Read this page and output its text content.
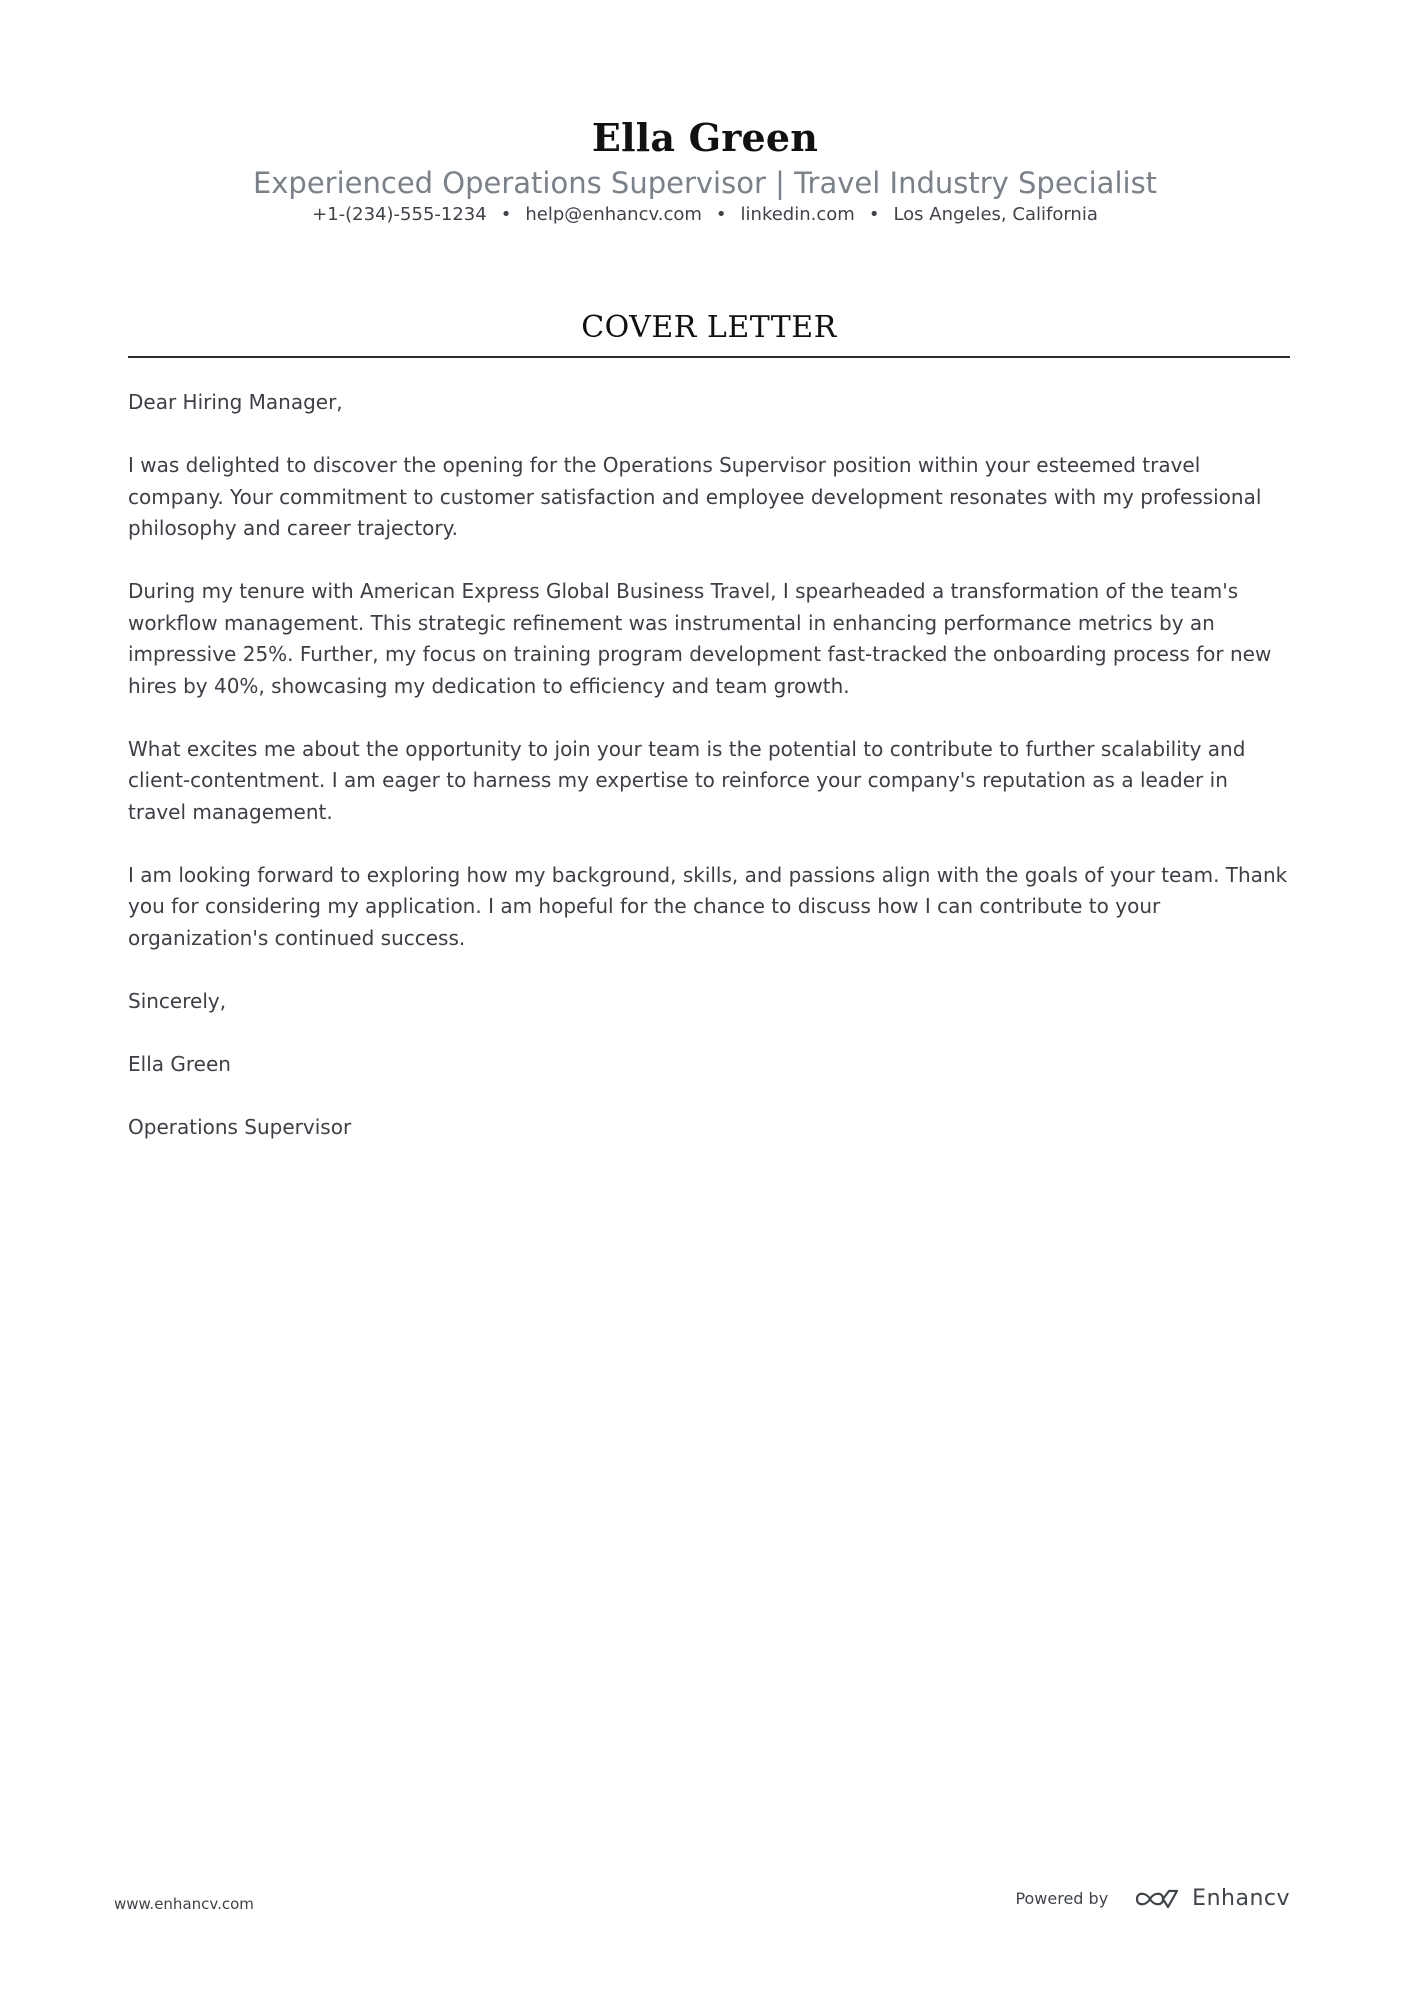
Ella Green
Experienced Operations Supervisor | Travel Industry Specialist
+1-(234)-555-1234 • help@enhancv.com • linkedin.com • Los Angeles, California
COVER LETTER

Dear Hiring Manager,

I was delighted to discover the opening for the Operations Supervisor position within your esteemed travel company. Your commitment to customer satisfaction and employee development resonates with my professional philosophy and career trajectory.

During my tenure with American Express Global Business Travel, I spearheaded a transformation of the team's workflow management. This strategic refinement was instrumental in enhancing performance metrics by an impressive 25%. Further, my focus on training program development fast-tracked the onboarding process for new hires by 40%, showcasing my dedication to efficiency and team growth.

What excites me about the opportunity to join your team is the potential to contribute to further scalability and client-contentment. I am eager to harness my expertise to reinforce your company's reputation as a leader in travel management.

I am looking forward to exploring how my background, skills, and passions align with the goals of your team. Thank you for considering my application. I am hopeful for the chance to discuss how I can contribute to your organization's continued success.

Sincerely,

Ella Green

Operations Supervisor

www.enhancv.com	Powered by	Enhancv
